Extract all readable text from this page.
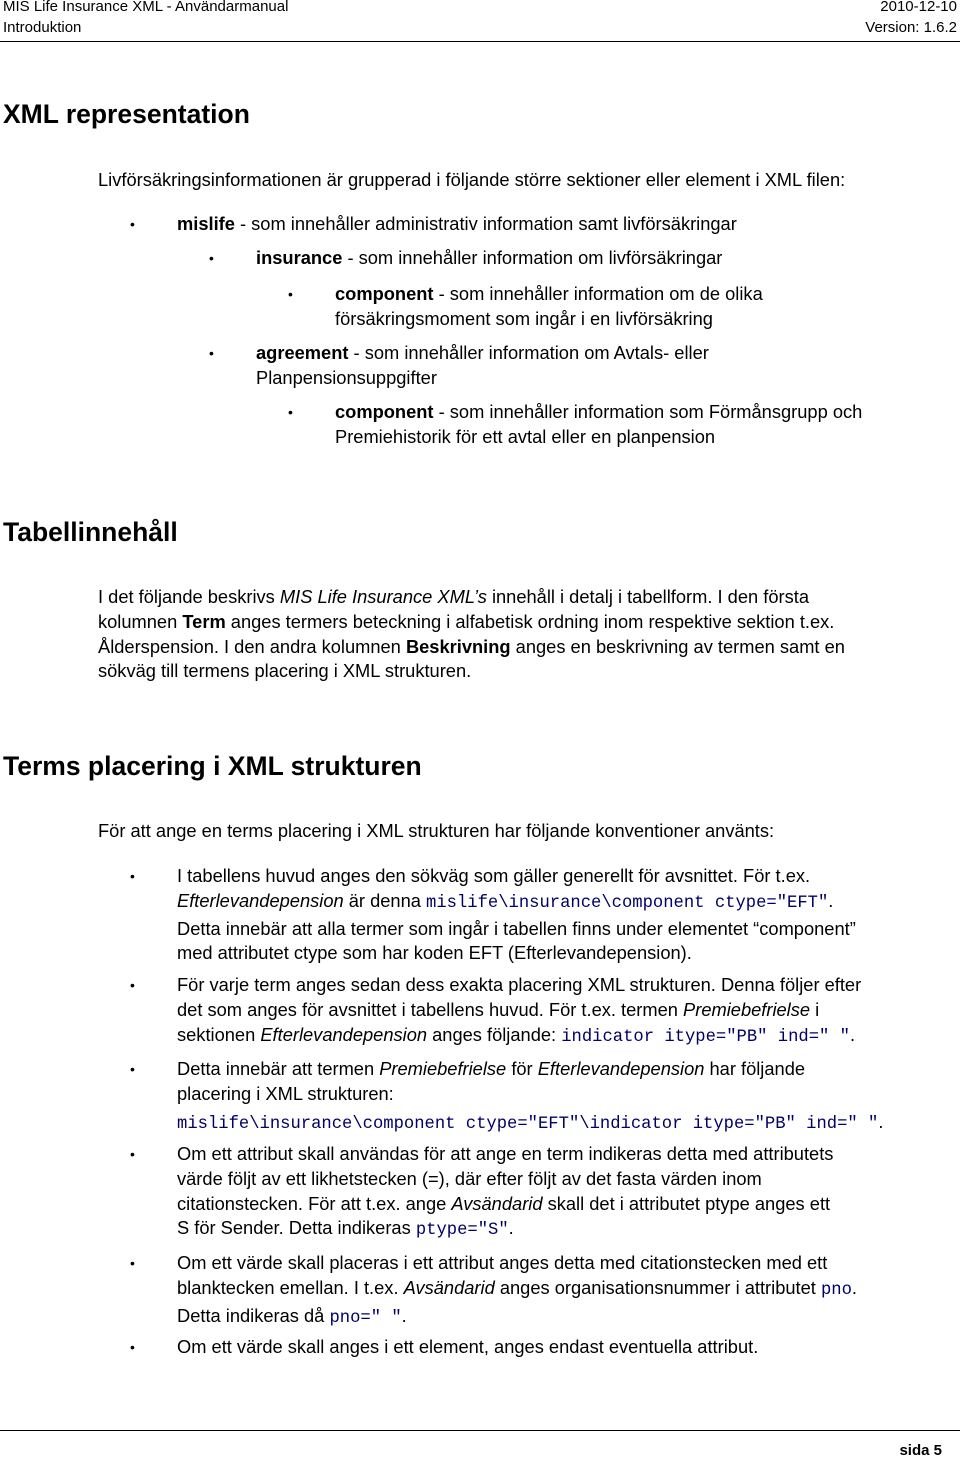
MIS Life Insurance XML - Användarmanual	2010-12-10
Introduktion	Version: 1.6.2
XML representation
Livförsäkringsinformationen är grupperad i följande större sektioner eller element i XML filen:
• mislife - som innehåller administrativ information samt livförsäkringar
• insurance - som innehåller information om livförsäkringar
• component - som innehåller information om de olika
försäkringsmoment som ingår i en livförsäkring
• agreement - som innehåller information om Avtals- eller
Planpensionsuppgifter
• component - som innehåller information som Förmånsgrupp och
Premiehistorik för ett avtal eller en planpension
Tabellinnehåll
I det följande beskrivs MIS Life Insurance XML’s innehåll i detalj i tabellform. I den första
kolumnen Term anges termers beteckning i alfabetisk ordning inom respektive sektion t.ex.
Ålderspension. I den andra kolumnen Beskrivning anges en beskrivning av termen samt en
sökväg till termens placering i XML strukturen.
Terms placering i XML strukturen
För att ange en terms placering i XML strukturen har följande konventioner använts:
• I tabellens huvud anges den sökväg som gäller generellt för avsnittet. För t.ex.
Efterlevandepension är denna mislife\insurance\component ctype="EFT".
Detta innebär att alla termer som ingår i tabellen finns under elementet “component”
med attributet ctype som har koden EFT (Efterlevandepension).
• För varje term anges sedan dess exakta placering XML strukturen. Denna följer efter
det som anges för avsnittet i tabellens huvud. För t.ex. termen Premiebefrielse i
sektionen Efterlevandepension anges följande: indicator itype="PB" ind=" ".
• Detta innebär att termen Premiebefrielse för Efterlevandepension har följande
placering i XML strukturen:
mislife\insurance\component ctype="EFT"\indicator itype="PB" ind=" ".
• Om ett attribut skall användas för att ange en term indikeras detta med attributets
värde följt av ett likhetstecken (=), där efter följt av det fasta värden inom
citationstecken. För att t.ex. ange Avsändarid skall det i attributet ptype anges ett
S för Sender. Detta indikeras ptype="S".
• Om ett värde skall placeras i ett attribut anges detta med citationstecken med ett
blanktecken emellan. I t.ex. Avsändarid anges organisationsnummer i attributet pno.
Detta indikeras då pno=" ".
• Om ett värde skall anges i ett element, anges endast eventuella attribut.
sida 5
